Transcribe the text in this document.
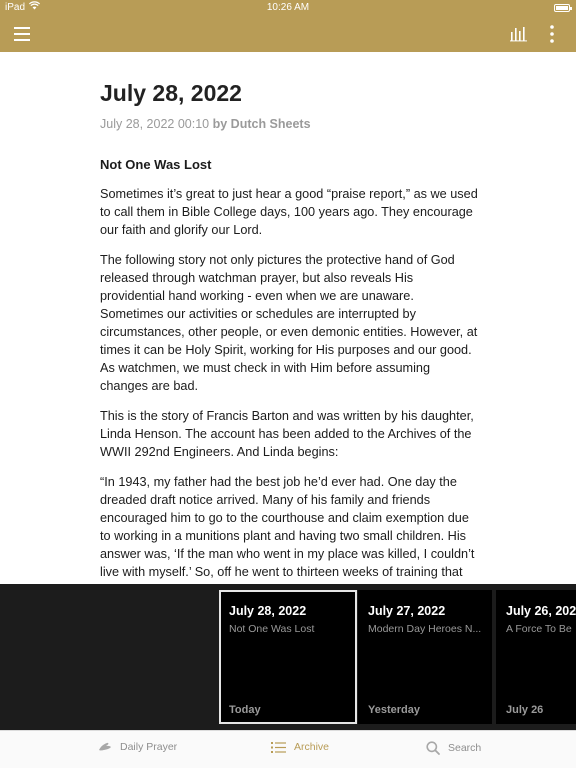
iPad	10:26 AM
July 28, 2022
July 28, 2022 00:10 by Dutch Sheets
Not One Was Lost

Sometimes it’s great to just hear a good “praise report,” as we used to call them in Bible College days, 100 years ago. They encourage our faith and glorify our Lord.

The following story not only pictures the protective hand of God released through watchman prayer, but also reveals His providential hand working - even when we are unaware. Sometimes our activities or schedules are interrupted by circumstances, other people, or even demonic entities. However, at times it can be Holy Spirit, working for His purposes and our good. As watchmen, we must check in with Him before assuming changes are bad.

This is the story of Francis Barton and was written by his daughter, Linda Henson. The account has been added to the Archives of the WWII 292nd Engineers. And Linda begins:

“In 1943, my father had the best job he’d ever had. One day the dreaded draft notice arrived. Many of his family and friends encouraged him to go to the courthouse and claim exemption due to working in a munitions plant and having two small children. His answer was, ‘If the man who went in my place was killed, I couldn’t live with myself.’ So, off he went to thirteen weeks of training that

July 28, 2022
Not One Was Lost
Today
July 27, 2022
Modern Day Heroes N...
Yesterday
July 26, 2022
A Force To Be
July 26
Daily Prayer	Archive	Search
